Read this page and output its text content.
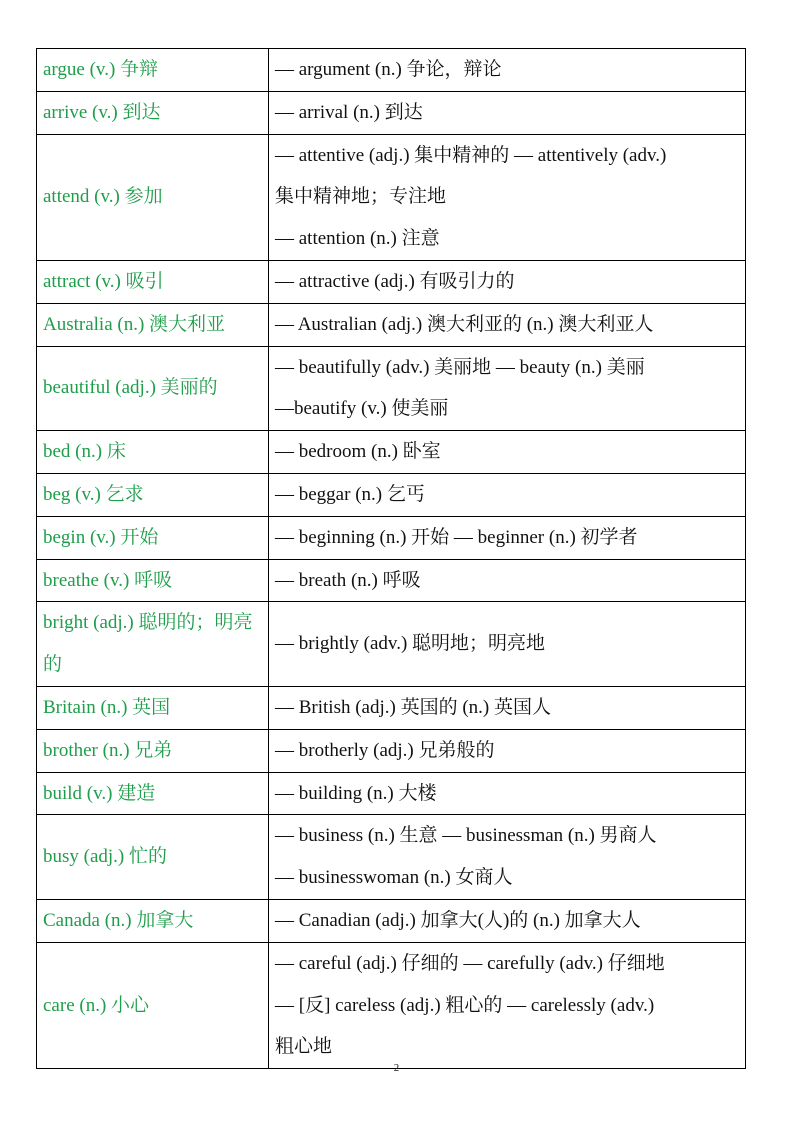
argue (v.) 争辩	— argument (n.) 争论，辩论

arrive (v.) 到达	— arrival (n.) 到达

attend (v.) 参加	— attentive (adj.) 集中精神的 — attentively (adv.)
集中精神地；专注地
— attention (n.) 注意

attract (v.) 吸引	— attractive (adj.) 有吸引力的

Australia (n.) 澳大利亚	— Australian (adj.) 澳大利亚的 (n.) 澳大利亚人

beautiful (adj.) 美丽的	— beautifully (adv.) 美丽地 — beauty (n.) 美丽
—beautify (v.) 使美丽

bed (n.) 床	— bedroom (n.) 卧室

beg (v.) 乞求	— beggar (n.) 乞丐

begin (v.) 开始	— beginning (n.) 开始 — beginner (n.) 初学者

breathe (v.) 呼吸	— breath (n.) 呼吸

bright (adj.) 聪明的；明亮的	— brightly (adv.) 聪明地；明亮地

Britain (n.) 英国	— British (adj.) 英国的 (n.) 英国人

brother (n.) 兄弟	— brotherly (adj.) 兄弟般的

build (v.) 建造	— building (n.) 大楼

busy (adj.) 忙的	— business (n.) 生意 — businessman (n.) 男商人
— businesswoman (n.) 女商人

Canada (n.) 加拿大	— Canadian (adj.) 加拿大(人)的 (n.) 加拿大人

care (n.) 小心	— careful (adj.) 仔细的 — carefully (adv.) 仔细地
— [反] careless (adj.) 粗心的 — carelessly (adv.)
粗心地
2
